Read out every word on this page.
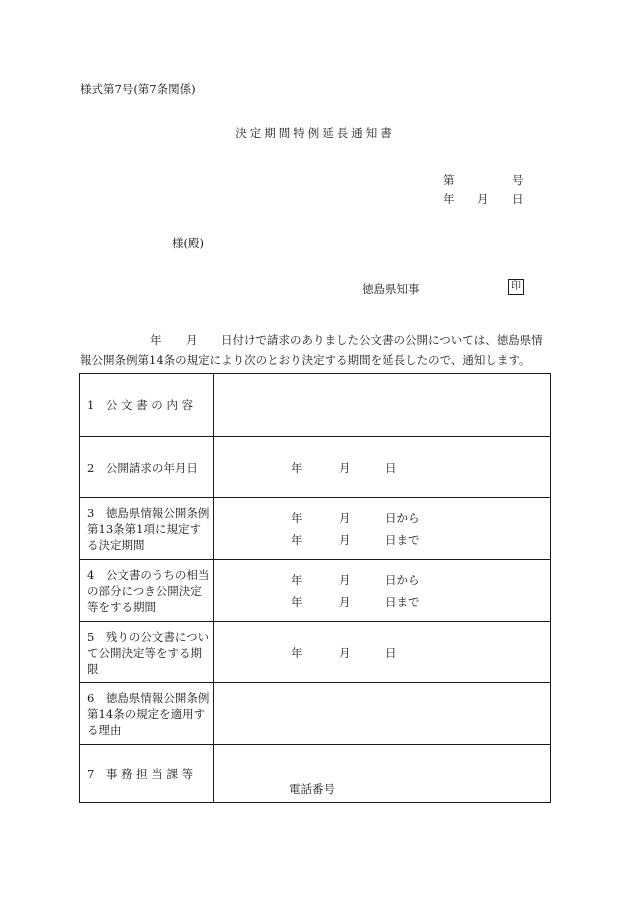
様式第7号(第7条関係)
決定期間特例延長通知書
第	号
年 月 日
様(殿)
徳島県知事	印
年 月 日付けで請求のありました公文書の公開については、徳島県情
報公開条例第14条の規定により次のとおり決定する期間を延長したので、通知します。
1　公 文 書 の 内 容
2　公開請求の年月日	年	月	日
3　徳島県情報公開条例
第13条第1項に規定す
る決定期間
年	月	日から
年	月	日まで
4　公文書のうちの相当
の部分につき公開決定
等をする期間
年	月	日から
年	月	日まで
5　残りの公文書につい
て公開決定等をする期
限
年	月	日
6　徳島県情報公開条例
第14条の規定を適用す
る理由
7　事 務 担 当 課 等
電話番号
